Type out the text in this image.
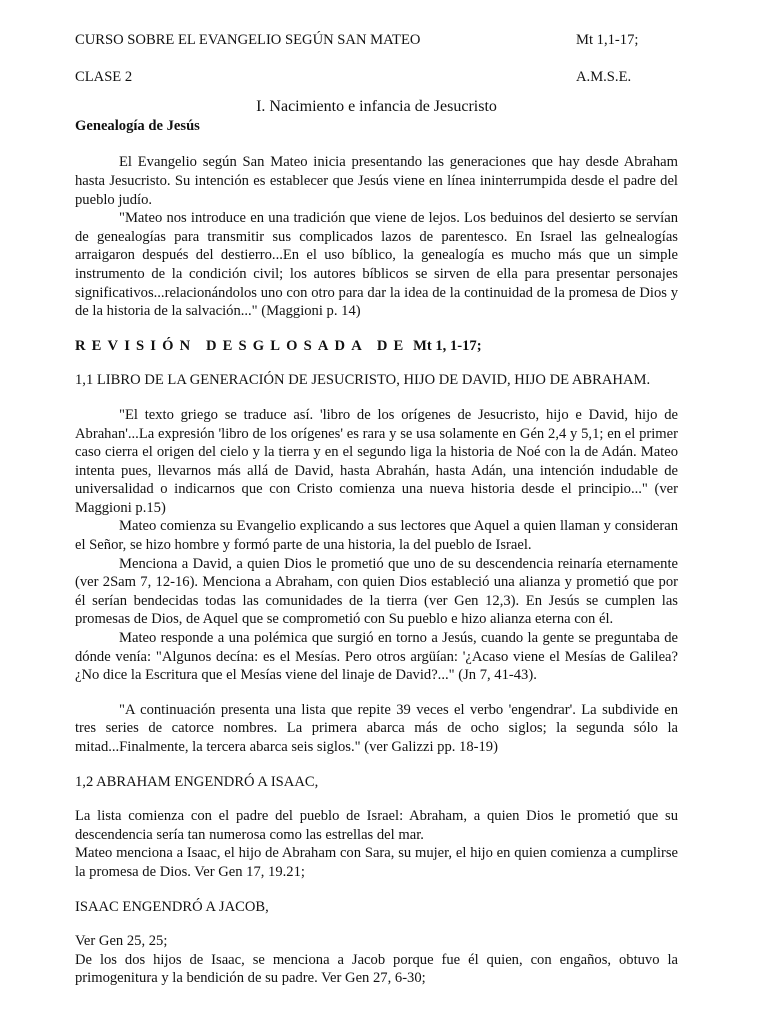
CURSO SOBRE EL EVANGELIO SEGÚN SAN MATEO	Mt 1,1-17;
CLASE 2	A.M.S.E.

I. Nacimiento e infancia de Jesucristo

Genealogía de Jesús

El Evangelio según San Mateo inicia presentando las generaciones que hay desde Abraham hasta Jesucristo. Su intención es establecer que Jesús viene en línea ininterrumpida desde el padre del pueblo judío.

"Mateo nos introduce en una tradición que viene de lejos. Los beduinos del desierto se servían de genealogías para transmitir sus complicados lazos de parentesco. En Israel las gelnealogías arraigaron después del destierro...En el uso bíblico, la genealogía es mucho más que un simple instrumento de la condición civil; los autores bíblicos se sirven de ella para presentar personajes significativos...relacionándolos uno con otro para dar la idea de la continuidad de la promesa de Dios y de la historia de la salvación..." (Maggioni p. 14)

REVISIÓN DESGLOSADA DE Mt 1, 1-17;

1,1 LIBRO DE LA GENERACIÓN DE JESUCRISTO, HIJO DE DAVID, HIJO DE ABRAHAM.

"El texto griego se traduce así. 'libro de los orígenes de Jesucristo, hijo e David, hijo de Abrahan'...La expresión 'libro de los orígenes' es rara y se usa solamente en Gén 2,4 y 5,1; en el primer caso cierra el origen del cielo y la tierra y en el segundo liga la historia de Noé con la de Adán. Mateo intenta pues, llevarnos más allá de David, hasta Abrahán, hasta Adán, una intención indudable de universalidad o indicarnos que con Cristo comienza una nueva historia desde el principio..." (ver Maggioni p.15)

Mateo comienza su Evangelio explicando a sus lectores que Aquel a quien llaman y consideran el Señor, se hizo hombre y formó parte de una historia, la del pueblo de Israel.

Menciona a David, a quien Dios le prometió que uno de su descendencia reinaría eternamente (ver 2Sam 7, 12-16). Menciona a Abraham, con quien Dios estableció una alianza y prometió que por él serían bendecidas todas las comunidades de la tierra (ver Gen 12,3). En Jesús se cumplen las promesas de Dios, de Aquel que se comprometió con Su pueblo e hizo alianza eterna con él.

Mateo responde a una polémica que surgió en torno a Jesús, cuando la gente se preguntaba de dónde venía: "Algunos decína: es el Mesías. Pero otros argüían: '¿Acaso viene el Mesías de Galilea? ¿No dice la Escritura que el Mesías viene del linaje de David?..." (Jn 7, 41-43).

"A continuación presenta una lista que repite 39 veces el verbo 'engendrar'. La subdivide en tres series de catorce nombres. La primera abarca más de ocho siglos; la segunda sólo la mitad...Finalmente, la tercera abarca seis siglos." (ver Galizzi pp. 18-19)

1,2 ABRAHAM ENGENDRÓ A ISAAC,

La lista comienza con el padre del pueblo de Israel: Abraham, a quien Dios le prometió que su descendencia sería tan numerosa como las estrellas del mar.

Mateo menciona a Isaac, el hijo de Abraham con Sara, su mujer, el hijo en quien comienza a cumplirse la promesa de Dios. Ver Gen 17, 19.21;

ISAAC ENGENDRÓ A JACOB,

Ver Gen 25, 25;

De los dos hijos de Isaac, se menciona a Jacob porque fue él quien, con engaños, obtuvo la primogenitura y la bendición de su padre. Ver Gen 27, 6-30;
